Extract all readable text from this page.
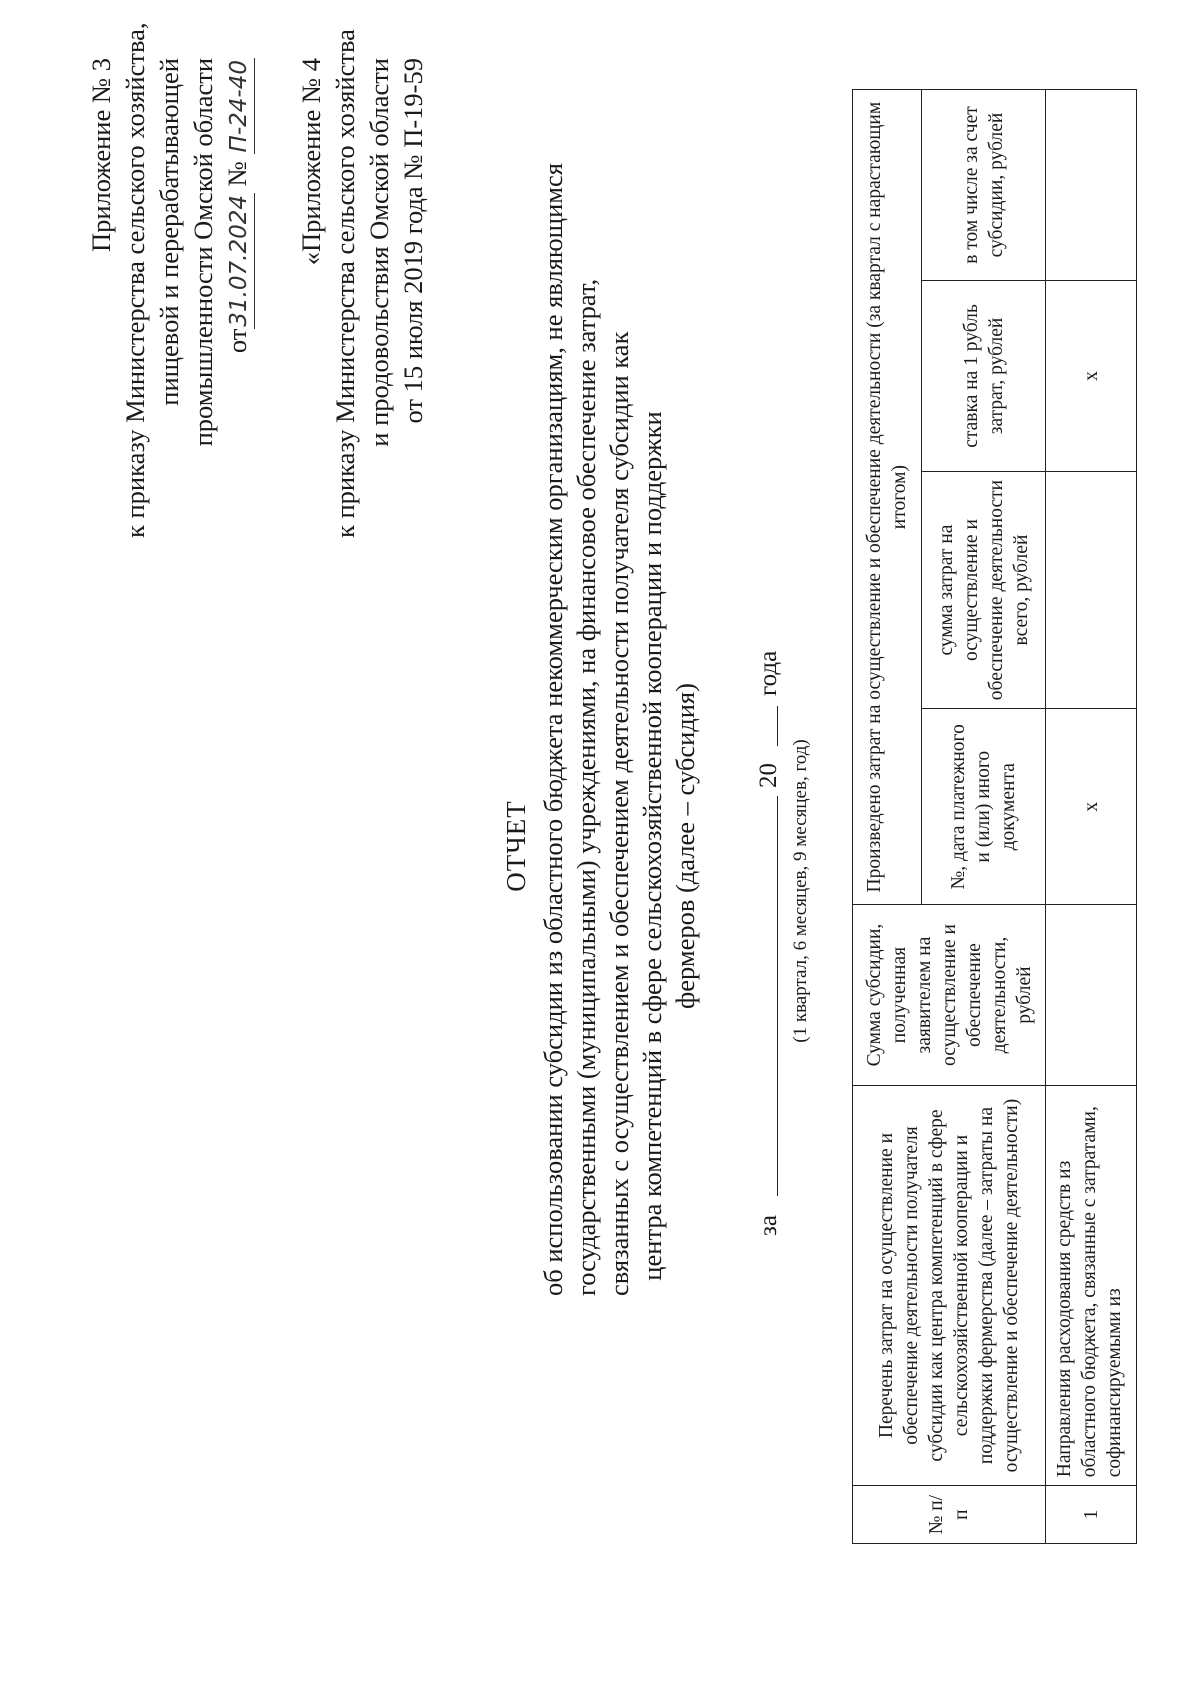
Приложение № 3 к приказу Министерства сельского хозяйства, пищевой и перерабатывающей промышленности Омской области от31.07.2024 № П-24-40 «Приложение № 4 к приказу Министерства сельского хозяйства и продовольствия Омской области от 15 июля 2019 года № П-19-59
ОТЧЕТ об использовании субсидии из областного бюджета некоммерческим организациям, не являющимся государственными (муниципальными) учреждениями, на финансовое обеспечение затрат, связанных с осуществлением и обеспечением деятельности получателя субсидии как центра компетенций в сфере сельскохозяйственной кооперации и поддержки фермеров (далее – субсидия)
за
20
года
(1 квартал, 6 месяцев, 9 месяцев, год)
№ п/п	Перечень затрат на осуществление и обеспечение деятельности получателя субсидии как центра компетенций в сфере сельскохозяйственной кооперации и поддержки фермерства (далее – затраты на осуществление и обеспечение деятельности)	Сумма субсидии, полученная заявителем на осуществление и обеспечение деятельности, рублей	Произведено затрат на осуществление и обеспечение деятельности (за квартал с нарастающим итогом)			
			№, дата платежного и (или) иного документа	сумма затрат на осуществление и обеспечение деятельности всего, рублей	ставка на 1 рубль затрат, рублей	в том числе за счет субсидии, рублей
1	Направления расходования средств из областного бюджета, связанные с затратами, софинансируемыми из		х		х	
